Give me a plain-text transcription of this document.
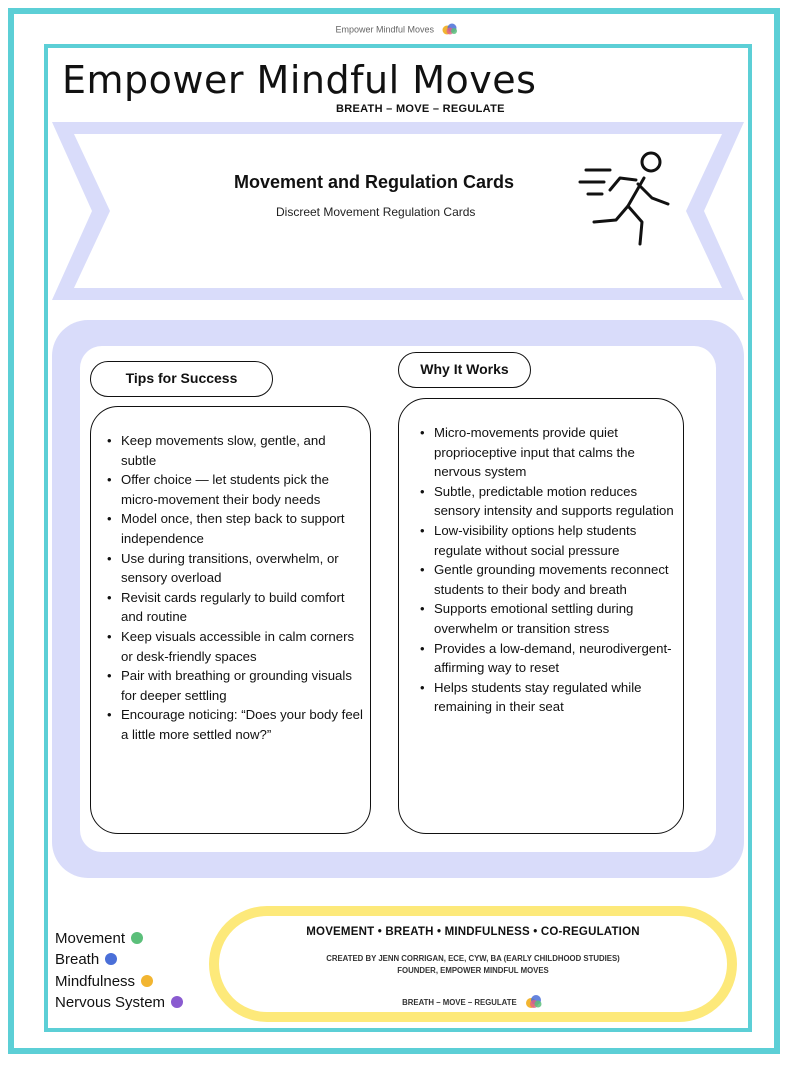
Empower Mindful Moves
Empower Mindful Moves
BREATH – MOVE – REGULATE
Movement and Regulation Cards
Discreet Movement Regulation Cards
Tips for Success
Why It Works
• Keep movements slow, gentle, and subtle
• Offer choice — let students pick the micro-movement their body needs
• Model once, then step back to support independence
• Use during transitions, overwhelm, or sensory overload
• Revisit cards regularly to build comfort and routine
• Keep visuals accessible in calm corners or desk-friendly spaces
• Pair with breathing or grounding visuals for deeper settling
• Encourage noticing: “Does your body feel a little more settled now?”
• Micro-movements provide quiet proprioceptive input that calms the nervous system
• Subtle, predictable motion reduces sensory intensity and supports regulation
• Low-visibility options help students regulate without social pressure
• Gentle grounding movements reconnect students to their body and breath
• Supports emotional settling during overwhelm or transition stress
• Provides a low-demand, neurodivergent-affirming way to reset
• Helps students stay regulated while remaining in their seat
Movement
Breath
Mindfulness
Nervous System
MOVEMENT • BREATH • MINDFULNESS • CO-REGULATION
CREATED BY JENN CORRIGAN, ECE, CYW, BA (EARLY CHILDHOOD STUDIES)
FOUNDER, EMPOWER MINDFUL MOVES
BREATH – MOVE – REGULATE
